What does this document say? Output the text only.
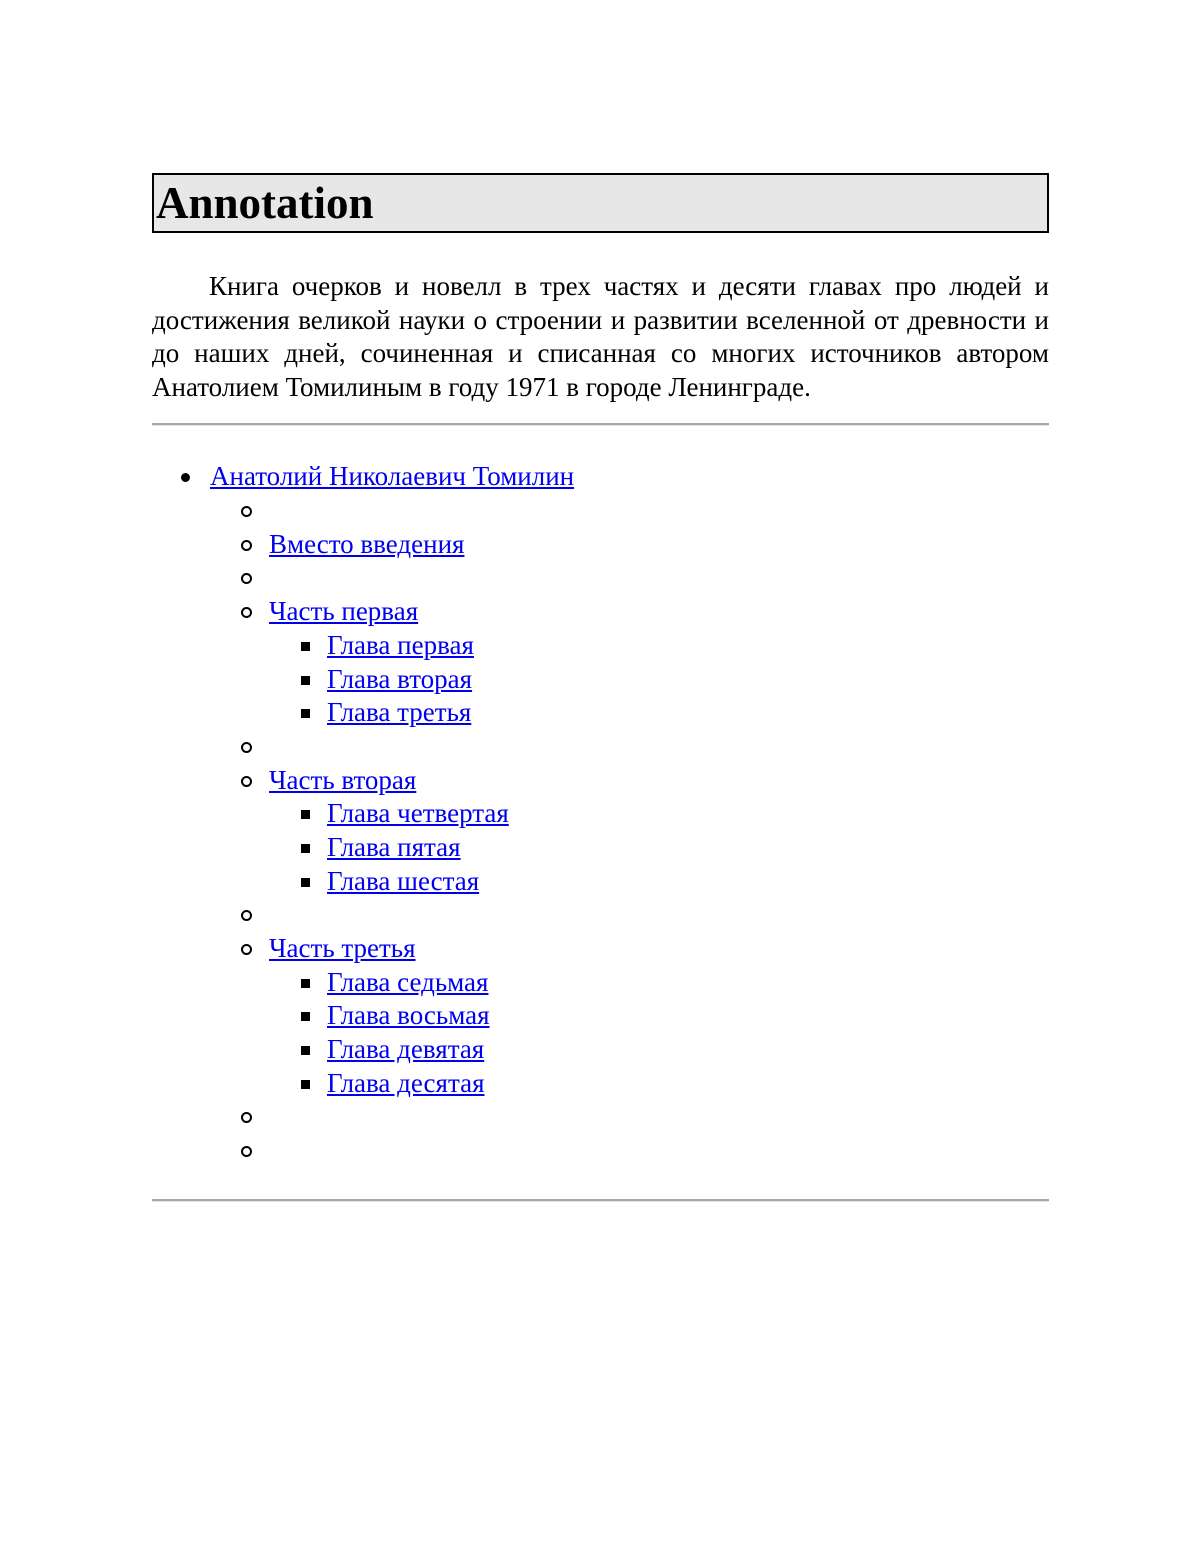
Annotation

Книга очерков и новелл в трех частях и десяти главах про людей и достижения великой науки о строении и развитии вселенной от древности и до наших дней, сочиненная и списанная со многих источников автором Анатолием Томилиным в году 1971 в городе Ленинграде.

Анатолий Николаевич Томилин
Вместо введения
Часть первая
Глава первая
Глава вторая
Глава третья
Часть вторая
Глава четвертая
Глава пятая
Глава шестая
Часть третья
Глава седьмая
Глава восьмая
Глава девятая
Глава десятая
